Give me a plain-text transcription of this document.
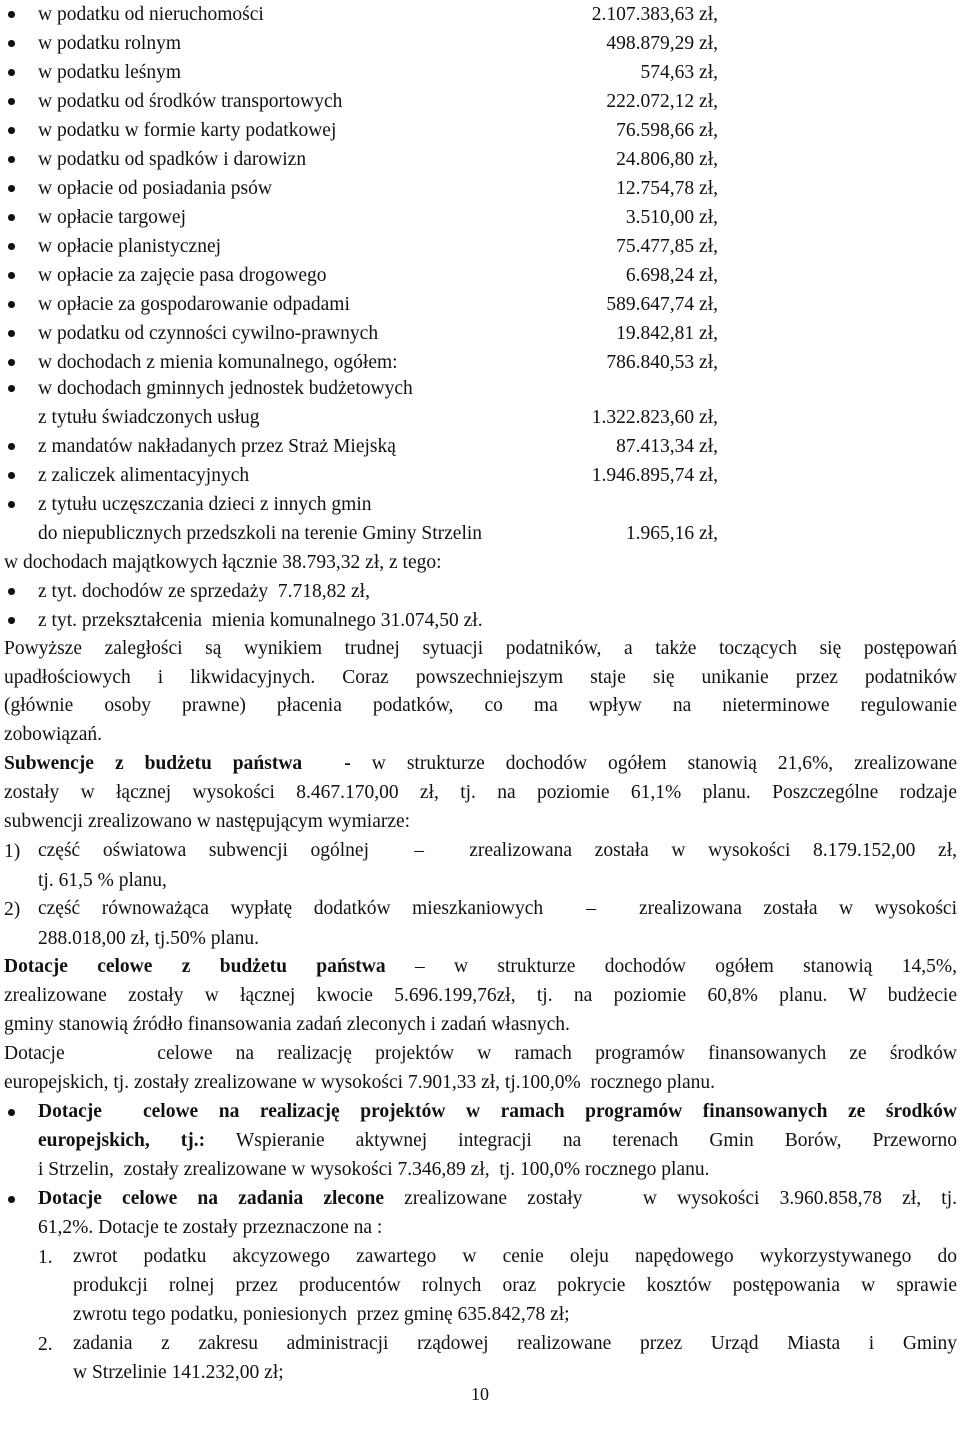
w podatku od nieruchomości	2.107.383,63 zł,
w podatku rolnym	498.879,29 zł,
w podatku leśnym	574,63 zł,
w podatku od środków transportowych	222.072,12 zł,
w podatku w formie karty podatkowej	76.598,66 zł,
w podatku od spadków i darowizn	24.806,80 zł,
w opłacie od posiadania psów	12.754,78 zł,
w opłacie targowej	3.510,00 zł,
w opłacie planistycznej	75.477,85 zł,
w opłacie za zajęcie pasa drogowego	6.698,24 zł,
w opłacie za gospodarowanie odpadami	589.647,74 zł,
w podatku od czynności cywilno-prawnych	19.842,81 zł,
w dochodach z mienia komunalnego, ogółem:	786.840,53 zł,
w dochodach gminnych jednostek budżetowych
z tytułu świadczonych usług	1.322.823,60 zł,
z mandatów nakładanych przez Straż Miejską	87.413,34 zł,
z zaliczek alimentacyjnych	1.946.895,74 zł,
z tytułu uczęszczania dzieci z innych gmin
do niepublicznych przedszkoli na terenie Gminy Strzelin	1.965,16 zł,
w dochodach majątkowych łącznie 38.793,32 zł, z tego:
z tyt. dochodów ze sprzedaży  7.718,82 zł,
z tyt. przekształcenia  mienia komunalnego 31.074,50 zł.
Powyższe zaległości są wynikiem trudnej sytuacji podatników, a także toczących się postępowań
upadłościowych i likwidacyjnych. Coraz powszechniejszym staje się unikanie przez podatników
(głównie osoby prawne) płacenia podatków, co ma wpływ na nieterminowe regulowanie
zobowiązań.
Subwencje z budżetu państwa  - w strukturze dochodów ogółem stanowią 21,6%, zrealizowane
zostały w łącznej wysokości 8.467.170,00 zł, tj. na poziomie 61,1% planu. Poszczególne rodzaje
subwencji zrealizowano w następującym wymiarze:
1) część oświatowa subwencji ogólnej  –  zrealizowana została w wysokości 8.179.152,00 zł,
tj. 61,5 % planu,
2) część równoważąca wypłatę dodatków mieszkaniowych  –  zrealizowana została w wysokości
288.018,00 zł, tj.50% planu.
Dotacje celowe z budżetu państwa – w strukturze dochodów ogółem stanowią 14,5%,
zrealizowane zostały w łącznej kwocie 5.696.199,76zł, tj. na poziomie 60,8% planu. W budżecie
gminy stanowią źródło finansowania zadań zleconych i zadań własnych.
Dotacje    celowe na realizację projektów w ramach programów finansowanych ze środków
europejskich, tj. zostały zrealizowane w wysokości 7.901,33 zł, tj.100,0%  rocznego planu.
Dotacje  celowe na realizację projektów w ramach programów finansowanych ze środków
europejskich, tj.: Wspieranie aktywnej integracji na terenach Gmin Borów, Przeworno
i Strzelin,  zostały zrealizowane w wysokości 7.346,89 zł,  tj. 100,0% rocznego planu.
Dotacje celowe na zadania zlecone zrealizowane zostały   w wysokości 3.960.858,78 zł, tj.
61,2%. Dotacje te zostały przeznaczone na :
1. zwrot podatku akcyzowego zawartego w cenie oleju napędowego wykorzystywanego do
produkcji rolnej przez producentów rolnych oraz pokrycie kosztów postępowania w sprawie
zwrotu tego podatku, poniesionych  przez gminę 635.842,78 zł;
2. zadania z zakresu administracji rządowej realizowane przez Urząd Miasta i Gminy
w Strzelinie 141.232,00 zł;
10
